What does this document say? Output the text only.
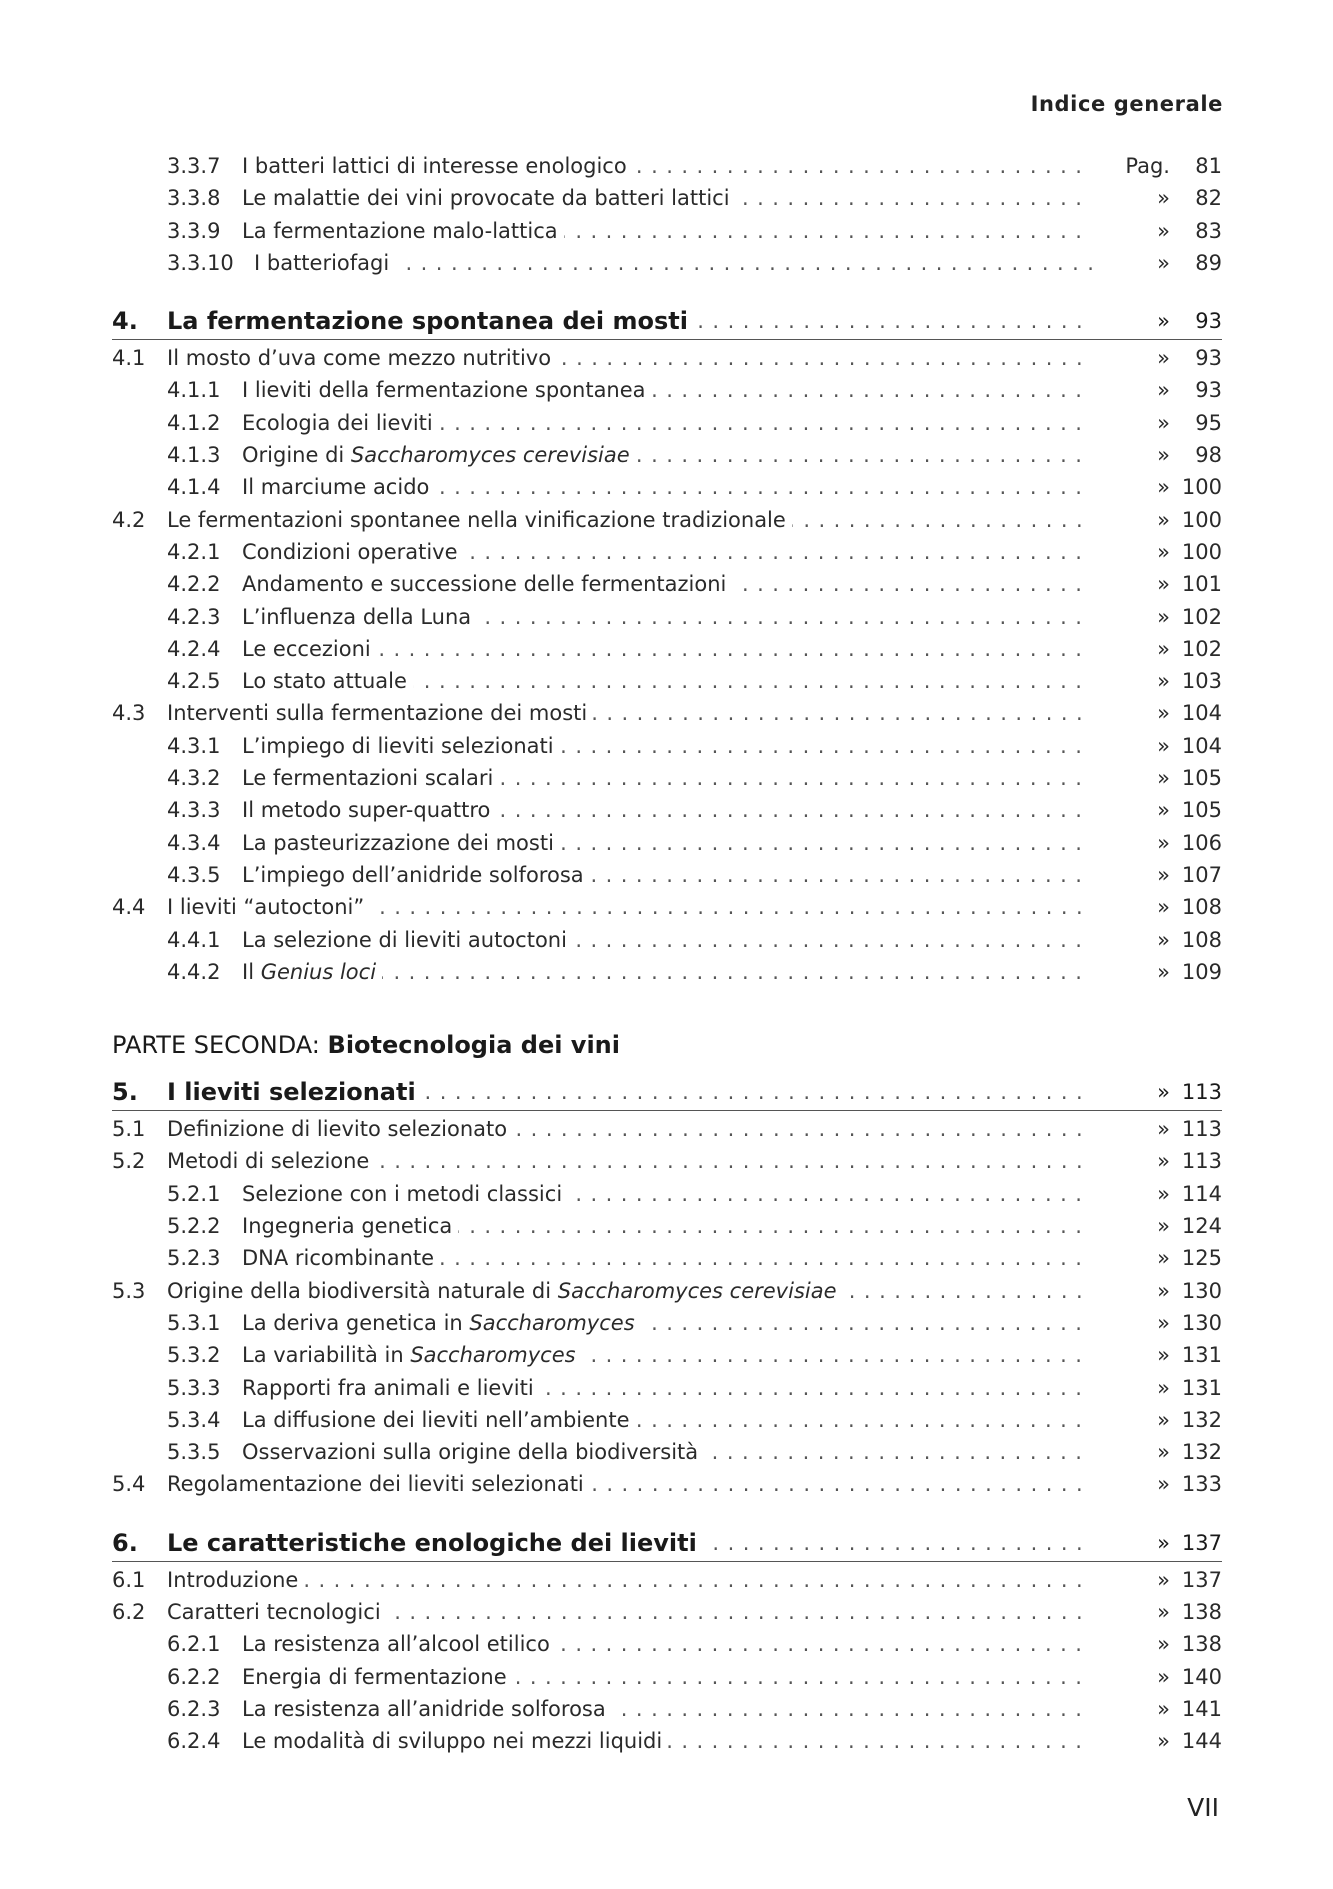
Indice generale
3.3.7 I batteri lattici di interesse enologico . . .	Pag. 81
3.3.8 Le malattie dei vini provocate da batteri lattici . . .	» 82
3.3.9 La fermentazione malo-lattica . . .	» 83
3.3.10 I batteriofagi . . .	» 89
4. La fermentazione spontanea dei mosti . . .	» 93
4.1 Il mosto d’uva come mezzo nutritivo . . .	» 93
4.1.1 I lieviti della fermentazione spontanea . . .	» 93
4.1.2 Ecologia dei lieviti . . .	» 95
4.1.3 Origine di Saccharomyces cerevisiae . . .	» 98
4.1.4 Il marciume acido . . .	» 100
4.2 Le fermentazioni spontanee nella vinificazione tradizionale . . .	» 100
4.2.1 Condizioni operative . . .	» 100
4.2.2 Andamento e successione delle fermentazioni . . .	» 101
4.2.3 L’influenza della Luna . . .	» 102
4.2.4 Le eccezioni . . .	» 102
4.2.5 Lo stato attuale . . .	» 103
4.3 Interventi sulla fermentazione dei mosti . . .	» 104
4.3.1 L’impiego di lieviti selezionati . . .	» 104
4.3.2 Le fermentazioni scalari . . .	» 105
4.3.3 Il metodo super-quattro . . .	» 105
4.3.4 La pasteurizzazione dei mosti . . .	» 106
4.3.5 L’impiego dell’anidride solforosa . . .	» 107
4.4 I lieviti “autoctoni” . . .	» 108
4.4.1 La selezione di lieviti autoctoni . . .	» 108
4.4.2 Il Genius loci . . .	» 109
PARTE SECONDA: Biotecnologia dei vini
5. I lieviti selezionati . . .	» 113
5.1 Definizione di lievito selezionato . . .	» 113
5.2 Metodi di selezione . . .	» 113
5.2.1 Selezione con i metodi classici . . .	» 114
5.2.2 Ingegneria genetica . . .	» 124
5.2.3 DNA ricombinante . . .	» 125
5.3 Origine della biodiversità naturale di Saccharomyces cerevisiae . . .	» 130
5.3.1 La deriva genetica in Saccharomyces . . .	» 130
5.3.2 La variabilità in Saccharomyces . . .	» 131
5.3.3 Rapporti fra animali e lieviti . . .	» 131
5.3.4 La diffusione dei lieviti nell’ambiente . . .	» 132
5.3.5 Osservazioni sulla origine della biodiversità . . .	» 132
5.4 Regolamentazione dei lieviti selezionati . . .	» 133
6. Le caratteristiche enologiche dei lieviti . . .	» 137
6.1 Introduzione . . .	» 137
6.2 Caratteri tecnologici . . .	» 138
6.2.1 La resistenza all’alcool etilico . . .	» 138
6.2.2 Energia di fermentazione . . .	» 140
6.2.3 La resistenza all’anidride solforosa . . .	» 141
6.2.4 Le modalità di sviluppo nei mezzi liquidi . . .	» 144
VII
